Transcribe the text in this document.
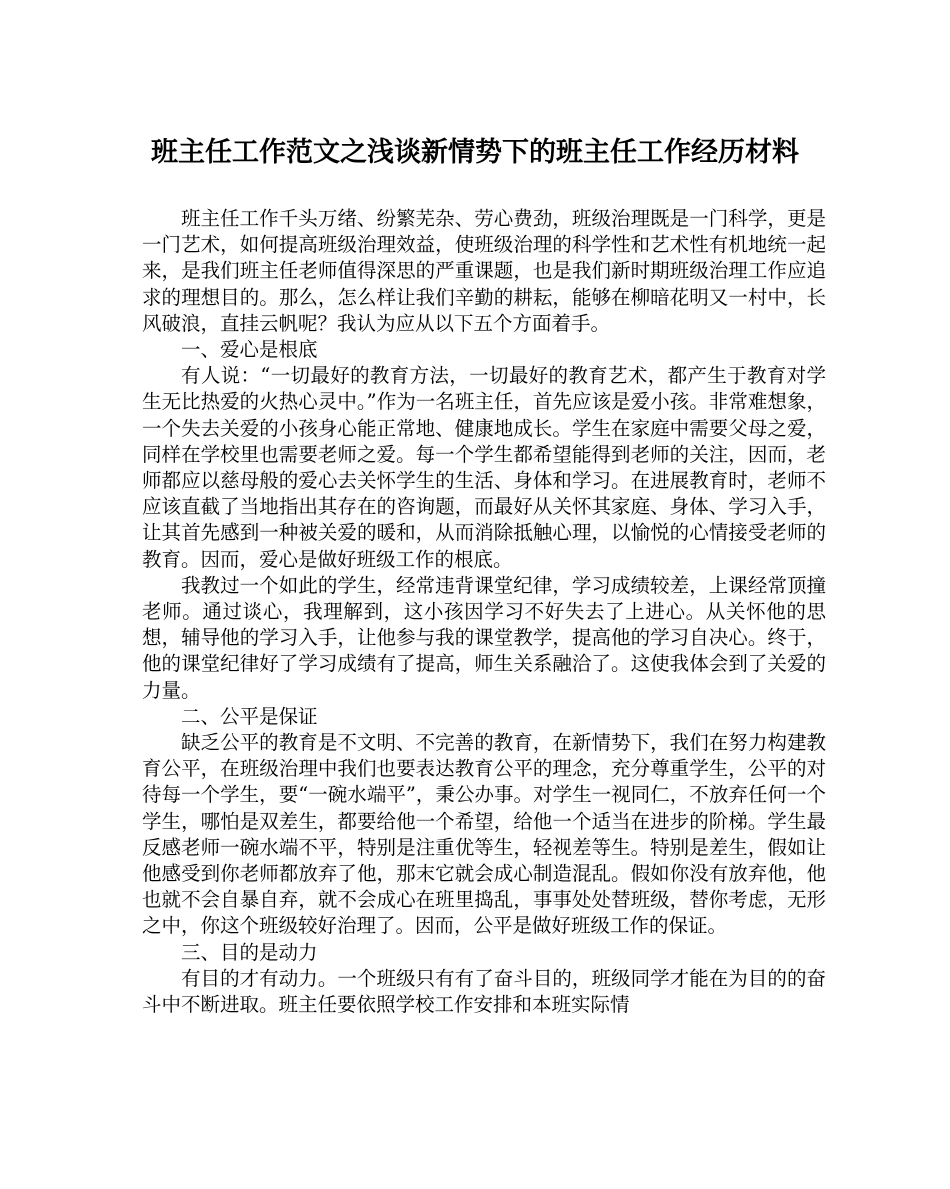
班主任工作范文之浅谈新情势下的班主任工作经历材料

班主任工作千头万绪、纷繁芜杂、劳心费劲，班级治理既是一门科学，更是一门艺术，如何提高班级治理效益，使班级治理的科学性和艺术性有机地统一起来，是我们班主任老师值得深思的严重课题，也是我们新时期班级治理工作应追求的理想目的。那么，怎么样让我们辛勤的耕耘，能够在柳暗花明又一村中，长风破浪，直挂云帆呢？我认为应从以下五个方面着手。

一、爱心是根底

有人说：“一切最好的教育方法，一切最好的教育艺术，都产生于教育对学生无比热爱的火热心灵中。”作为一名班主任，首先应该是爱小孩。非常难想象，一个失去关爱的小孩身心能正常地、健康地成长。学生在家庭中需要父母之爱，同样在学校里也需要老师之爱。每一个学生都希望能得到老师的关注，因而，老师都应以慈母般的爱心去关怀学生的生活、身体和学习。在进展教育时，老师不应该直截了当地指出其存在的咨询题，而最好从关怀其家庭、身体、学习入手，让其首先感到一种被关爱的暖和，从而消除抵触心理，以愉悦的心情接受老师的教育。因而，爱心是做好班级工作的根底。

我教过一个如此的学生，经常违背课堂纪律，学习成绩较差，上课经常顶撞老师。通过谈心，我理解到，这小孩因学习不好失去了上进心。从关怀他的思想，辅导他的学习入手，让他参与我的课堂教学，提高他的学习自决心。终于，他的课堂纪律好了学习成绩有了提高，师生关系融洽了。这使我体会到了关爱的力量。

二、公平是保证

缺乏公平的教育是不文明、不完善的教育，在新情势下，我们在努力构建教育公平，在班级治理中我们也要表达教育公平的理念，充分尊重学生，公平的对待每一个学生，要“一碗水端平”，秉公办事。对学生一视同仁，不放弃任何一个学生，哪怕是双差生，都要给他一个希望，给他一个适当在进步的阶梯。学生最反感老师一碗水端不平，特别是注重优等生，轻视差等生。特别是差生，假如让他感受到你老师都放弃了他，那末它就会成心制造混乱。假如你没有放弃他，他也就不会自暴自弃，就不会成心在班里捣乱，事事处处替班级，替你考虑，无形之中，你这个班级较好治理了。因而，公平是做好班级工作的保证。

三、目的是动力

有目的才有动力。一个班级只有有了奋斗目的，班级同学才能在为目的的奋斗中不断进取。班主任要依照学校工作安排和本班实际情
